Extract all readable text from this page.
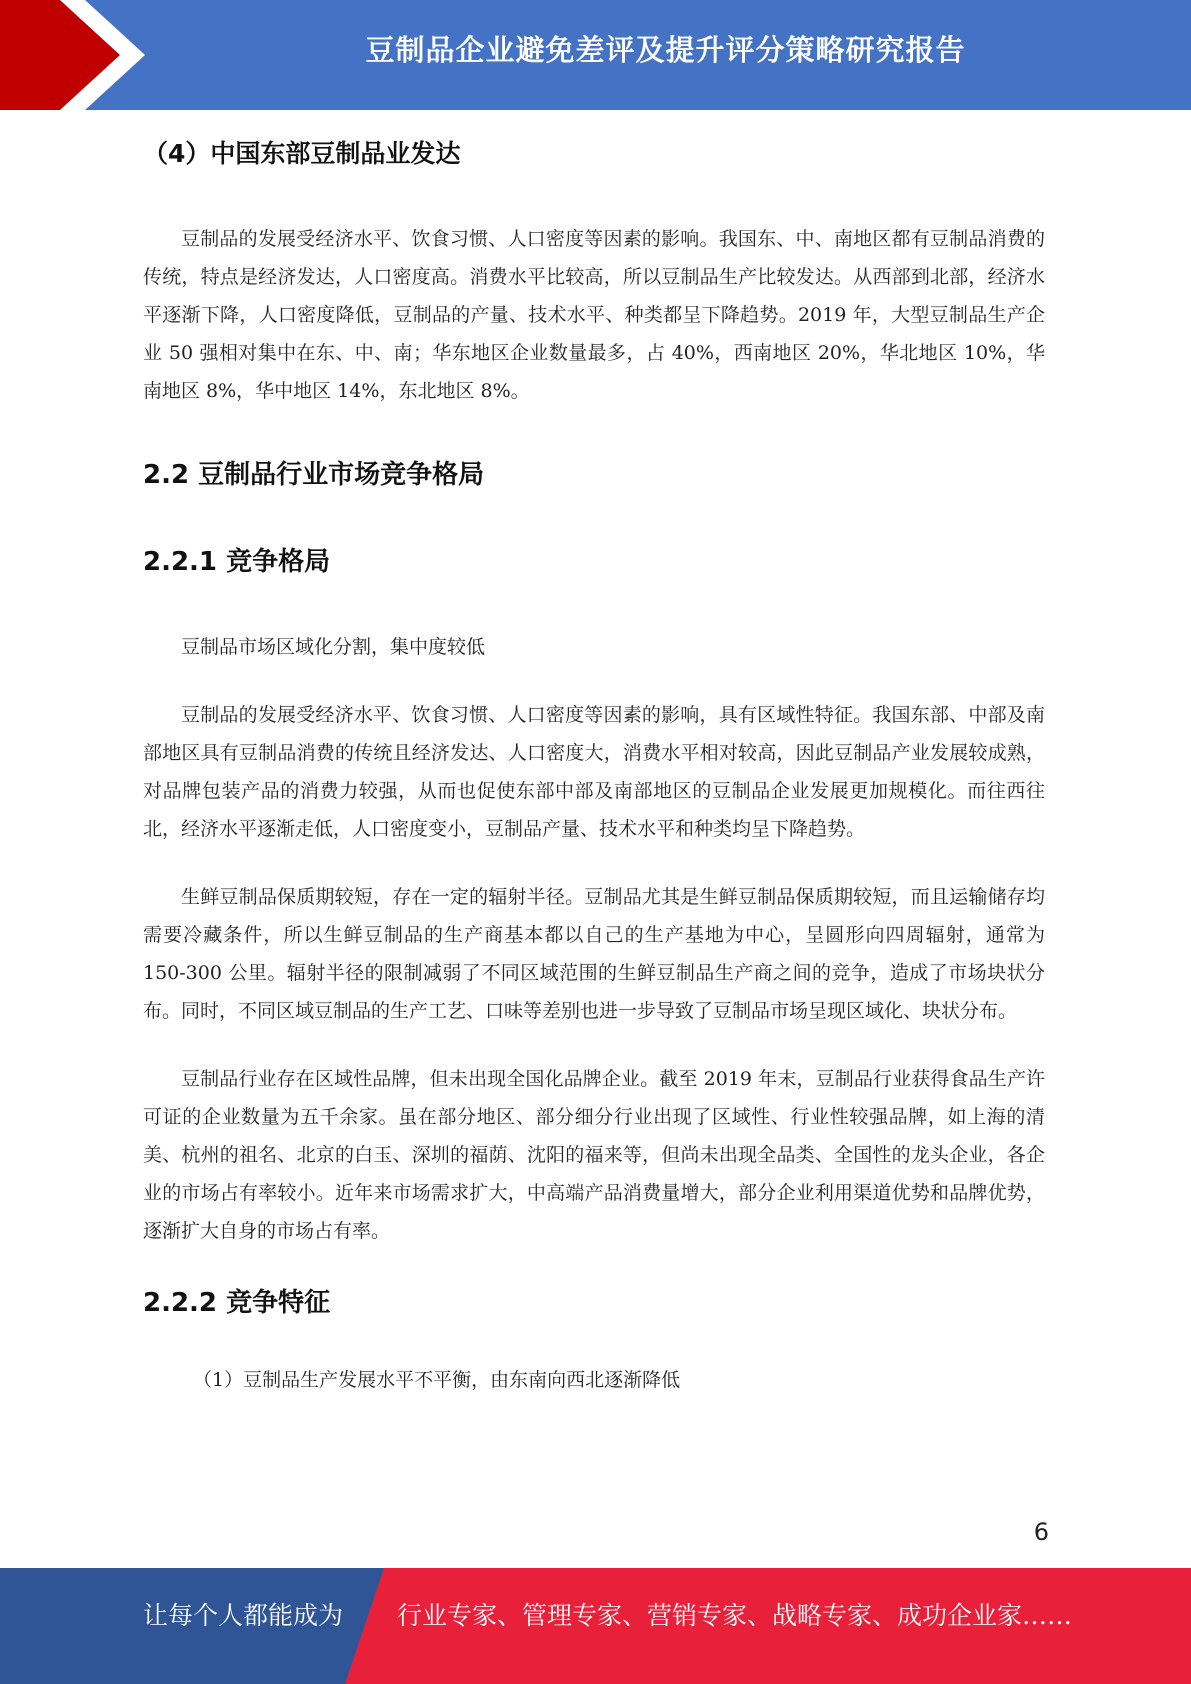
豆制品企业避免差评及提升评分策略研究报告
（4）中国东部豆制品业发达

豆制品的发展受经济水平、饮食习惯、人口密度等因素的影响。我国东、中、南地区都有豆制品消费的传统，特点是经济发达，人口密度高。消费水平比较高，所以豆制品生产比较发达。从西部到北部，经济水平逐渐下降，人口密度降低，豆制品的产量、技术水平、种类都呈下降趋势。2019 年，大型豆制品生产企业 50 强相对集中在东、中、南；华东地区企业数量最多，占 40%，西南地区 20%，华北地区 10%，华南地区 8%，华中地区 14%，东北地区 8%。

2.2 豆制品行业市场竞争格局
2.2.1 竞争格局

豆制品市场区域化分割，集中度较低

豆制品的发展受经济水平、饮食习惯、人口密度等因素的影响，具有区域性特征。我国东部、中部及南部地区具有豆制品消费的传统且经济发达、人口密度大，消费水平相对较高，因此豆制品产业发展较成熟，对品牌包装产品的消费力较强，从而也促使东部中部及南部地区的豆制品企业发展更加规模化。而往西往北，经济水平逐渐走低，人口密度变小，豆制品产量、技术水平和种类均呈下降趋势。

生鲜豆制品保质期较短，存在一定的辐射半径。豆制品尤其是生鲜豆制品保质期较短，而且运输储存均需要冷藏条件，所以生鲜豆制品的生产商基本都以自己的生产基地为中心，呈圆形向四周辐射，通常为 150-300 公里。辐射半径的限制减弱了不同区域范围的生鲜豆制品生产商之间的竞争，造成了市场块状分布。同时，不同区域豆制品的生产工艺、口味等差别也进一步导致了豆制品市场呈现区域化、块状分布。

豆制品行业存在区域性品牌，但未出现全国化品牌企业。截至 2019 年末，豆制品行业获得食品生产许可证的企业数量为五千余家。虽在部分地区、部分细分行业出现了区域性、行业性较强品牌，如上海的清美、杭州的祖名、北京的白玉、深圳的福荫、沈阳的福来等，但尚未出现全品类、全国性的龙头企业，各企业的市场占有率较小。近年来市场需求扩大，中高端产品消费量增大，部分企业利用渠道优势和品牌优势，逐渐扩大自身的市场占有率。

2.2.2 竞争特征

（1）豆制品生产发展水平不平衡，由东南向西北逐渐降低

6
让每个人都能成为 行业专家、管理专家、营销专家、战略专家、成功企业家……
